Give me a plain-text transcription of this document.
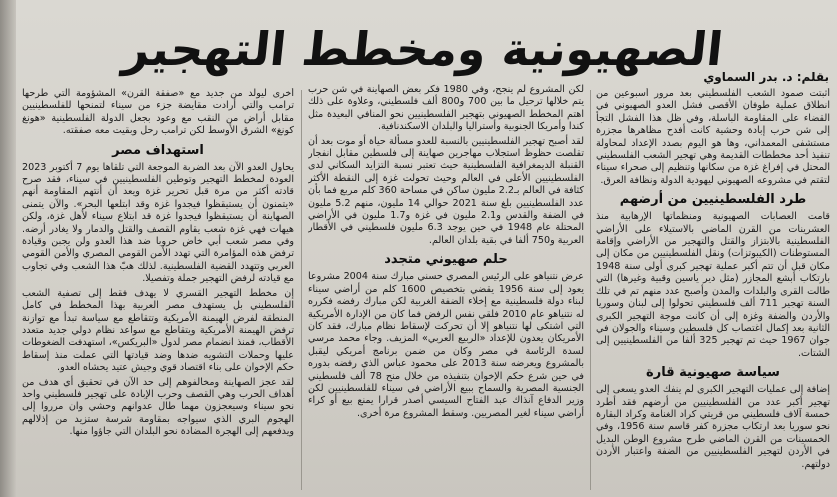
الصهيونية ومخطط التهجير
بقلم: د. بدر السماوي

أثبتت صمود الشعب الفلسطيني بعد مرور أسبوعين من انطلاق عملية طوفان الأقصى فشل العدو الصهيوني في القضاء على المقاومة الباسلة، وفي ظل هذا الفشل التجأ إلى شن حرب إبادة وحشية كانت أفدح مظاهرها مجزرة مستشفى المعمداني، وها هو اليوم بصدد الإعداد لمحاولة تنفيذ أحد مخططات القديمة وهي تهجير الشعب الفلسطيني المحتل في إفراغ غزة من سكانها وتنظيم إلى صحراء سيناء لتقتم في مشروعه الصهيوني ليهودية الدولة ونظافة العرق.

طرد الفلسطينيين من أرضهم

قامت العصابات الصهيونية ومنظماتها الإرهابية منذ العشرينات من القرن الماضي بالاستيلاء على الأراضي الفلسطينية بالابتزاز والقتل والتهجير من الأراضي وإقامة المستوطنات (الكيبوتزات) ونقل الفلسطينيين من مكان إلى مكان قبل أن تتم أكبر عملية تهجير كبرى أولى سنة 1948 بارتكاب أبشع المجازر (مثل دير ياسين وقبية وغيرها) التي طالت القرى والبلدات والمدن وأصبح عدد منهم تم في تلك السنة تهجير 711 ألف فلسطيني تحولوا إلى لبنان وسوريا والأردن والضفة وغزة إلى أن كانت موجة التهجير الكبرى الثانية بعد إكمال اغتصاب كل فلسطين وسيناء والجولان في جوان 1967 حيث تم تهجير 325 ألفا من الفلسطينيين إلى الشتات.

سياسة صهيونية قارة

إضافة إلى عمليات التهجير الكبرى لم ينفك العدو يسعى إلى تهجير أكبر عدد من الفلسطينيين من أرضهم فقد أطرد خمسة آلاف فلسطيني من قريتي كراد الغنامة وكراد البقارة نحو سوريا بعد ارتكاب مجزرة كفر قاسم سنة 1956، وفي الخمسينات من القرن الماضي طرح مشروع الوطن البديل في الأردن لتهجير الفلسطينيين من الضفة واعتبار الأردن دولتهم.

لكن المشروع لم ينجح، وفي 1980 فكر بعض الصهاينة في شن حرب يتم خلالها ترحيل ما بين 700 و800 ألف فلسطيني، وعلاوة على ذلك اهتم المخطط الصهيوني بتهجير الفلسطينيين نحو المنافي البعيدة مثل كندا وأمريكا الجنوبية وأستراليا والبلدان الاسكندنافية.

لقد أصبح تهجير الفلسطينيين بالنسبة للعدو مسألة حياة أو موت بعد أن تقلصت حظوظ استجلاب مهاجرين صهاينة إلى فلسطين مقابل انفجار القنبلة الديمغرافية الفلسطينية حيث تعتبر نسبة التزايد السكاني لدى الفلسطينيين الأعلى في العالم وحيث تحولت غزة إلى النقطة الأكثر كثافة في العالم بـ2.2 مليون ساكن في مساحة 360 كلم مربع فما بأن عدد الفلسطينيين بلغ سنة 2021 حوالي 14 مليون، منهم 5.2 مليون في الضفة والقدس و2.1 مليون في غزة و1.7 مليون في الأراضي المحتلة عام 1948 في حين يوجد 6.3 مليون فلسطيني في الأقطار العربية و750 ألفا في بقية بلدان العالم.

حلم صهيوني متجدد

عرض نتنياهو على الرئيس المصري حسني مبارك سنة 2004 مشروعا يعود إلى سنة 1956 يقضي بتخصيص 1600 كلم من أراضي سيناء لبناء دولة فلسطينية مع إخلاء الضفة الغربية لكن مبارك رفضه فكرره له نتنياهو عام 2010 فلقي نفس الرفض فما كان من الإدارة الأمريكية التي اشتكى لها نتنياهو إلا أن تحركت لإسقاط نظام مبارك، فقد كان الأمريكان يعدون للإعداد «الربيع العربي» المزيف. وجاء محمد مرسي لسدة الرئاسة في مصر وكان من ضمن برنامج أمريكي ليقبل بالمشروع ويعرضه سنة 2013 على محمود عباس الذي رفضه بدوره في حين شرع حكم الإخوان بتنفيذه من خلال منح 78 ألف فلسطيني الجنسية المصرية والسماح ببيع الأراضي في سيناء للفلسطينيين لكن وزير الدفاع آنذاك عبد الفتاح السيسي أصدر قرارا يمنع بيع أو كراء أراضي سيناء لغير المصريين. وسقط المشروع مرة أخرى.

أخرى ليولد من جديد مع «صفقة القرن» المشؤومة التي طرحها ترامب والتي أرادت مقايضة جزء من سيناء لتمنحها للفلسطينيين مقابل أراض من النقب مع وعود بجعل الدولة الفلسطينية «هونغ كونغ» الشرق الأوسط لكن ترامب رحل وبقيت معه صفقته.

استهداف مصر

يحاول العدو الآن بعد الضربة الموجعة التي تلقاها يوم 7 أكتوبر 2023 العودة لمخطط التهجير وتوطين الفلسطينيين في سيناء، فقد صرح قادته أكثر من مرة قبل تحرير غزة ويعد أن أنتهم المقاومة أنهم «يتمنون أن يستيقظوا فيجدوا غزة وقد ابتلعها البحر». والآن يتمنى الصهاينة أن يستيقظوا فيجدوا غزة قد ابتلاع سيناء لأهل غزة، ولكن هيهات فهي غزة شعب يقاوم القصف والقتل والدمار ولا يغادر أرضه. وفي مصر شعب أبي خاض حروبا ضد هذا العدو ولن يجبن وقيادة ترفض هذه المؤامرة التي تهدد الأمن القومي المصري والأمن القومي العربي وتتهدد القضية الفلسطينية. لذلك هبّ هذا الشعب وفي تجاوب مع قيادته لرفض التهجير جملة وتفصيلا.

إن مخطط التهجير القسري لا يهدف فقط إلى تصفية الشعب الفلسطيني بل يستهدف مصر العربية بهذا المخطط في كامل المنطقة لفرض الهيمنة الأمريكية وتتقاطع مع سياسة تبدأ مع توازنة ترفض الهيمنة الأمريكية ويتقاطع مع سواعد نظام دولي جديد متعدد الأقطاب، فمنذ انضمام مصر لدول «البريكس»، استهدفت الضغوطات عليها وحملات التشويه ضدها وضد قيادتها التي عملت منذ إسقاط حكم الإخوان على بناء اقتصاد قوي وجيش عتيد يحشاه العدو.

لقد عجز الصهاينة ومخالفوهم إلى حد الآن في تحقيق أي هدف من أهداف الحرب وهي القصف وحرب الإبادة على تهجير فلسطيني واحد نحو سيناء وسيعجزون مهما طال عدوانهم وحشي وان مرروا إلى الهجوم البري الذي سيواجه بمقاومة شرسة ستزيد من إذلالهم ويدفعهم إلى الهجرة المضادة نحو البلدان التي جاؤوا منها.
